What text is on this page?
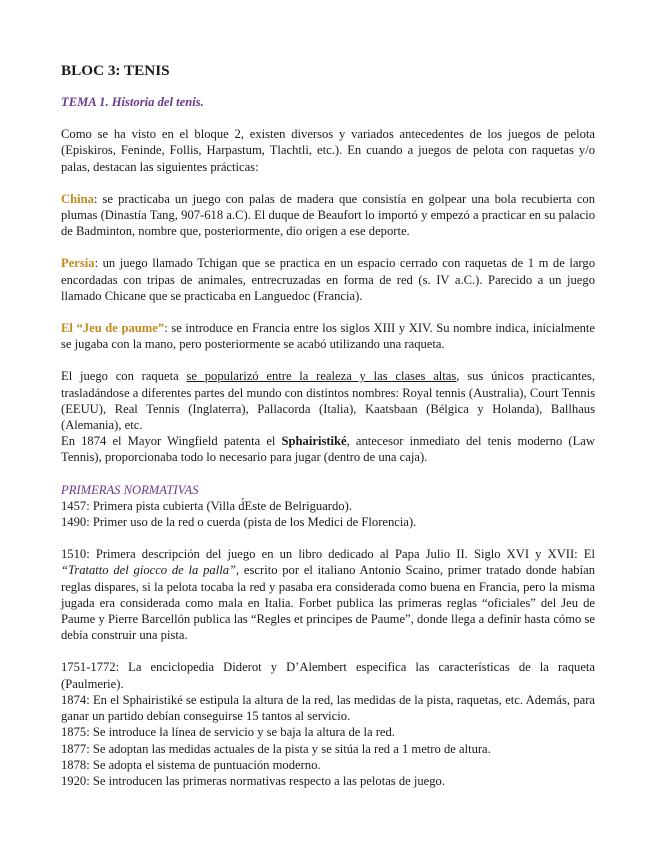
BLOC 3: TENIS
TEMA 1. Historia del tenis.

Como se ha visto en el bloque 2, existen diversos y variados antecedentes de los juegos de pelota (Episkiros, Feninde, Follis, Harpastum, Tlachtli, etc.). En cuando a juegos de pelota con raquetas y/o palas, destacan las siguientes prácticas:

China: se practicaba un juego con palas de madera que consistía en golpear una bola recubierta con plumas (Dinastía Tang, 907-618 a.C). El duque de Beaufort lo importó y empezó a practicar en su palacio de Badminton, nombre que, posteriormente, dio origen a ese deporte.

Persia: un juego llamado Tchigan que se practica en un espacio cerrado con raquetas de 1 m de largo encordadas con tripas de animales, entrecruzadas en forma de red (s. IV a.C.). Parecido a un juego llamado Chicane que se practicaba en Languedoc (Francia).

El “Jeu de paume”: se introduce en Francia entre los siglos XIII y XIV. Su nombre indica, inicialmente se jugaba con la mano, pero posteriormente se acabó utilizando una raqueta.

El juego con raqueta se popularizó entre la realeza y las clases altas, sus únicos practicantes, trasladándose a diferentes partes del mundo con distintos nombres: Royal tennis (Australia), Court Tennis (EEUU), Real Tennis (Inglaterra), Pallacorda (Italia), Kaatsbaan (Bélgica y Holanda), Ballhaus (Alemania), etc.

En 1874 el Mayor Wingfield patenta el Sphairistiké, antecesor inmediato del tenis moderno (Law Tennis), proporcionaba todo lo necesario para jugar (dentro de una caja).

PRIMERAS NORMATIVAS
1457: Primera pista cubierta (Villa d́Este de Belriguardo).
1490: Primer uso de la red o cuerda (pista de los Medici de Florencia).

1510: Primera descripción del juego en un libro dedicado al Papa Julio II. Siglo XVI y XVII: El “Tratatto del giocco de la palla”, escrito por el italiano Antonio Scaino, primer tratado donde habían reglas dispares, si la pelota tocaba la red y pasaba era considerada como buena en Francia, pero la misma jugada era considerada como mala en Italia. Forbet publica las primeras reglas “oficiales” del Jeu de Paume y Pierre Barcellón publica las “Regles et principes de Paume”, donde llega a definir hasta cómo se debía construir una pista.

1751-1772: La enciclopedia Diderot y D’Alembert especifica las características de la raqueta (Paulmerie).
1874: En el Sphairistiké se estipula la altura de la red, las medidas de la pista, raquetas, etc. Además, para ganar un partido debían conseguirse 15 tantos al servicio.
1875: Se introduce la línea de servicio y se baja la altura de la red.
1877: Se adoptan las medidas actuales de la pista y se sitúa la red a 1 metro de altura.
1878: Se adopta el sistema de puntuación moderno.
1920: Se introducen las primeras normativas respecto a las pelotas de juego.
